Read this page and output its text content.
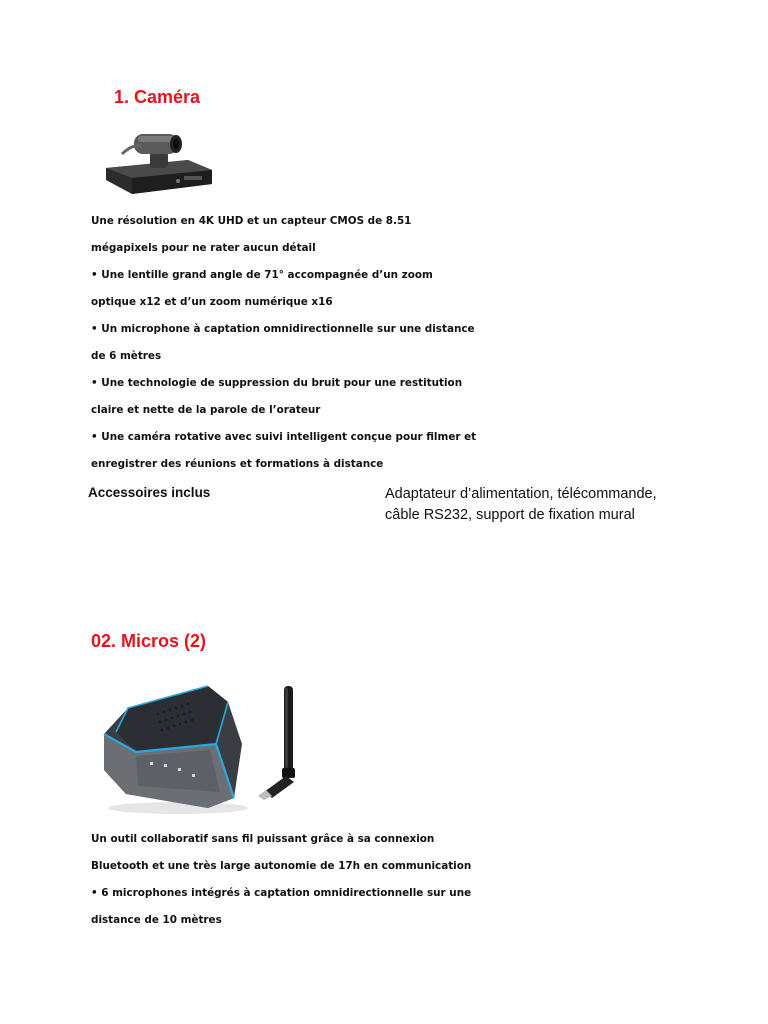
1. Caméra
Une résolution en 4K UHD et un capteur CMOS de 8.51
mégapixels pour ne rater aucun détail
• Une lentille grand angle de 71° accompagnée d’un zoom
optique x12 et d’un zoom numérique x16
• Un microphone à captation omnidirectionnelle sur une distance
de 6 mètres
• Une technologie de suppression du bruit pour une restitution
claire et nette de la parole de l’orateur
• Une caméra rotative avec suivi intelligent conçue pour filmer et
enregistrer des réunions et formations à distance
Accessoires inclus	Adaptateur d’alimentation, télécommande, câble RS232, support de fixation mural
02. Micros (2)
Un outil collaboratif sans fil puissant grâce à sa connexion
Bluetooth et une très large autonomie de 17h en communication
• 6 microphones intégrés à captation omnidirectionnelle sur une
distance de 10 mètres
